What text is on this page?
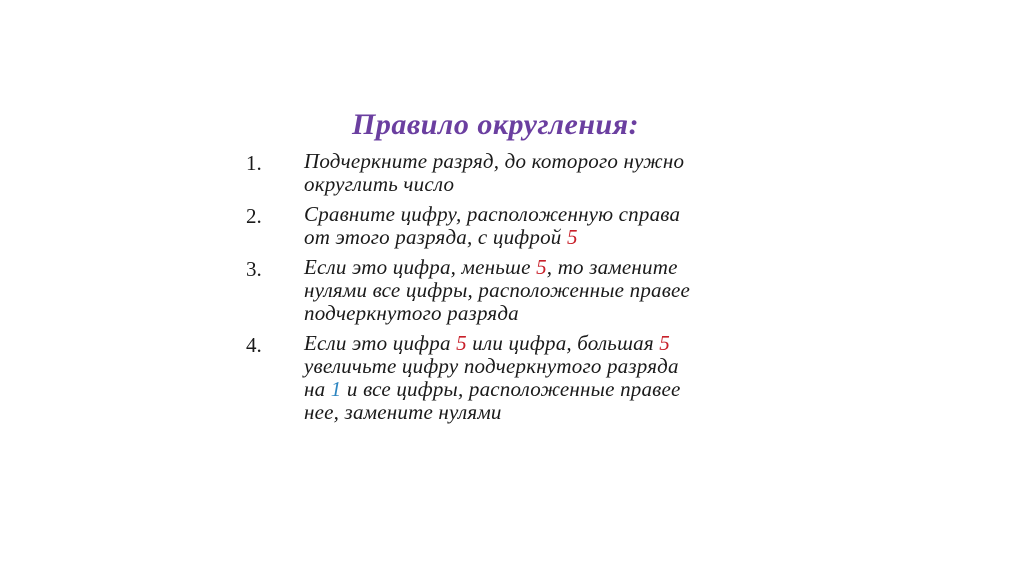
Правило округления:
1.	Подчеркните разряд, до которого нужно
округлить число
2.	Сравните цифру, расположенную справа
от этого разряда, с цифрой 5
3.	Если это цифра, меньше 5, то замените
нулями все цифры, расположенные правее
подчеркнутого разряда
4.	Если это цифра 5 или цифра, большая 5
увеличьте цифру подчеркнутого разряда
на 1 и все цифры, расположенные правее
нее, замените нулями
